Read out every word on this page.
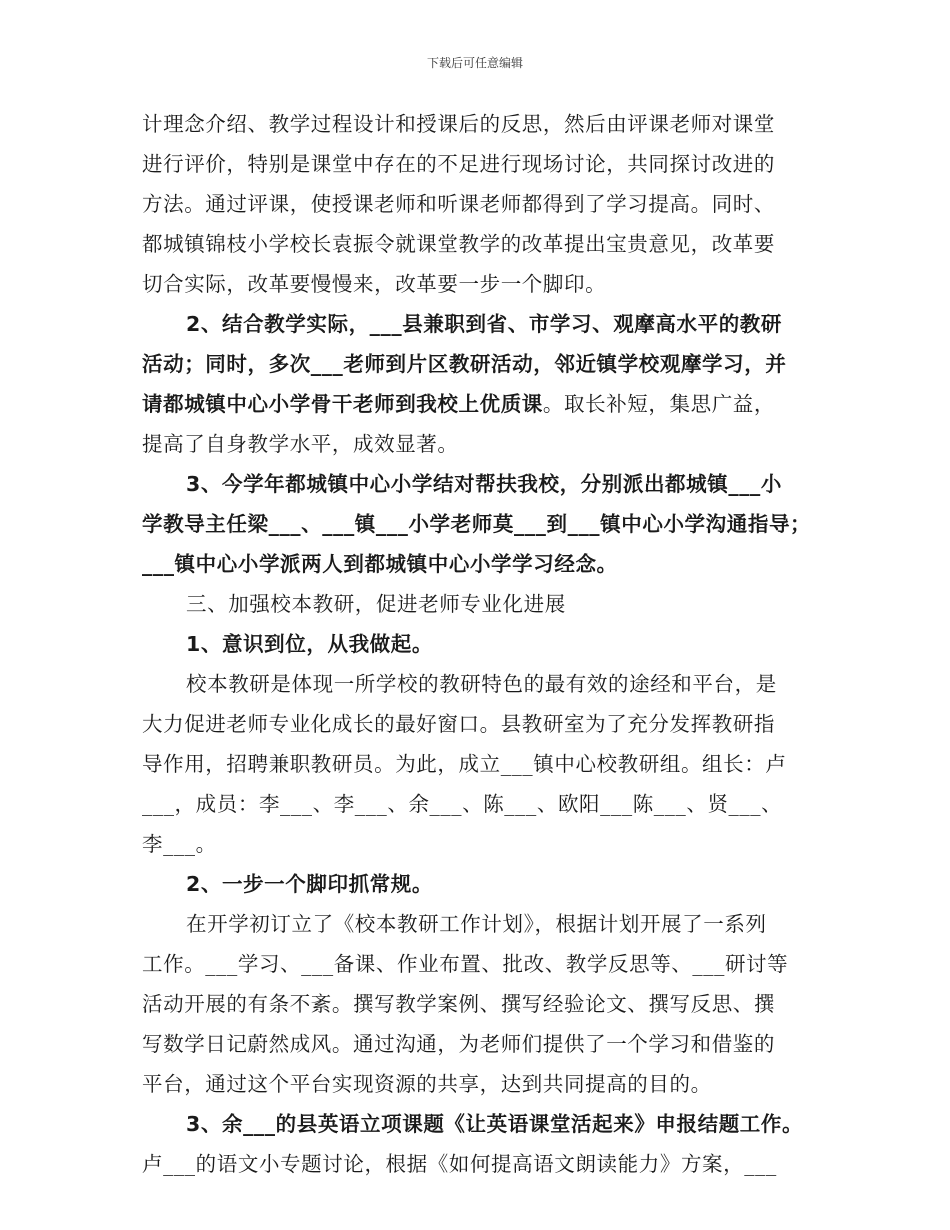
下载后可任意编辑
计理念介绍、教学过程设计和授课后的反思，然后由评课老师对课堂
进行评价，特别是课堂中存在的不足进行现场讨论，共同探讨改进的
方法。通过评课，使授课老师和听课老师都得到了学习提高。同时、
都城镇锦枝小学校长袁振令就课堂教学的改革提出宝贵意见，改革要
切合实际，改革要慢慢来，改革要一步一个脚印。
2、结合教学实际，___县兼职到省、市学习、观摩高水平的教研
活动；同时，多次___老师到片区教研活动，邻近镇学校观摩学习，并
请都城镇中心小学骨干老师到我校上优质课。取长补短，集思广益，
提高了自身教学水平，成效显著。
3、今学年都城镇中心小学结对帮扶我校，分别派出都城镇___小
学教导主任梁___、___镇___小学老师莫___到___镇中心小学沟通指导；
___镇中心小学派两人到都城镇中心小学学习经念。
三、加强校本教研，促进老师专业化进展
1、意识到位，从我做起。
校本教研是体现一所学校的教研特色的最有效的途经和平台，是
大力促进老师专业化成长的最好窗口。县教研室为了充分发挥教研指
导作用，招聘兼职教研员。为此，成立___镇中心校教研组。组长：卢
___，成员：李___、李___、余___、陈___、欧阳___陈___、贤___、
李___。
2、一步一个脚印抓常规。
在开学初订立了《校本教研工作计划》，根据计划开展了一系列
工作。___学习、___备课、作业布置、批改、教学反思等、___研讨等
活动开展的有条不紊。撰写教学案例、撰写经验论文、撰写反思、撰
写数学日记蔚然成风。通过沟通，为老师们提供了一个学习和借鉴的
平台，通过这个平台实现资源的共享，达到共同提高的目的。
3、余___的县英语立项课题《让英语课堂活起来》申报结题工作。
卢___的语文小专题讨论，根据《如何提高语文朗读能力》方案，___
